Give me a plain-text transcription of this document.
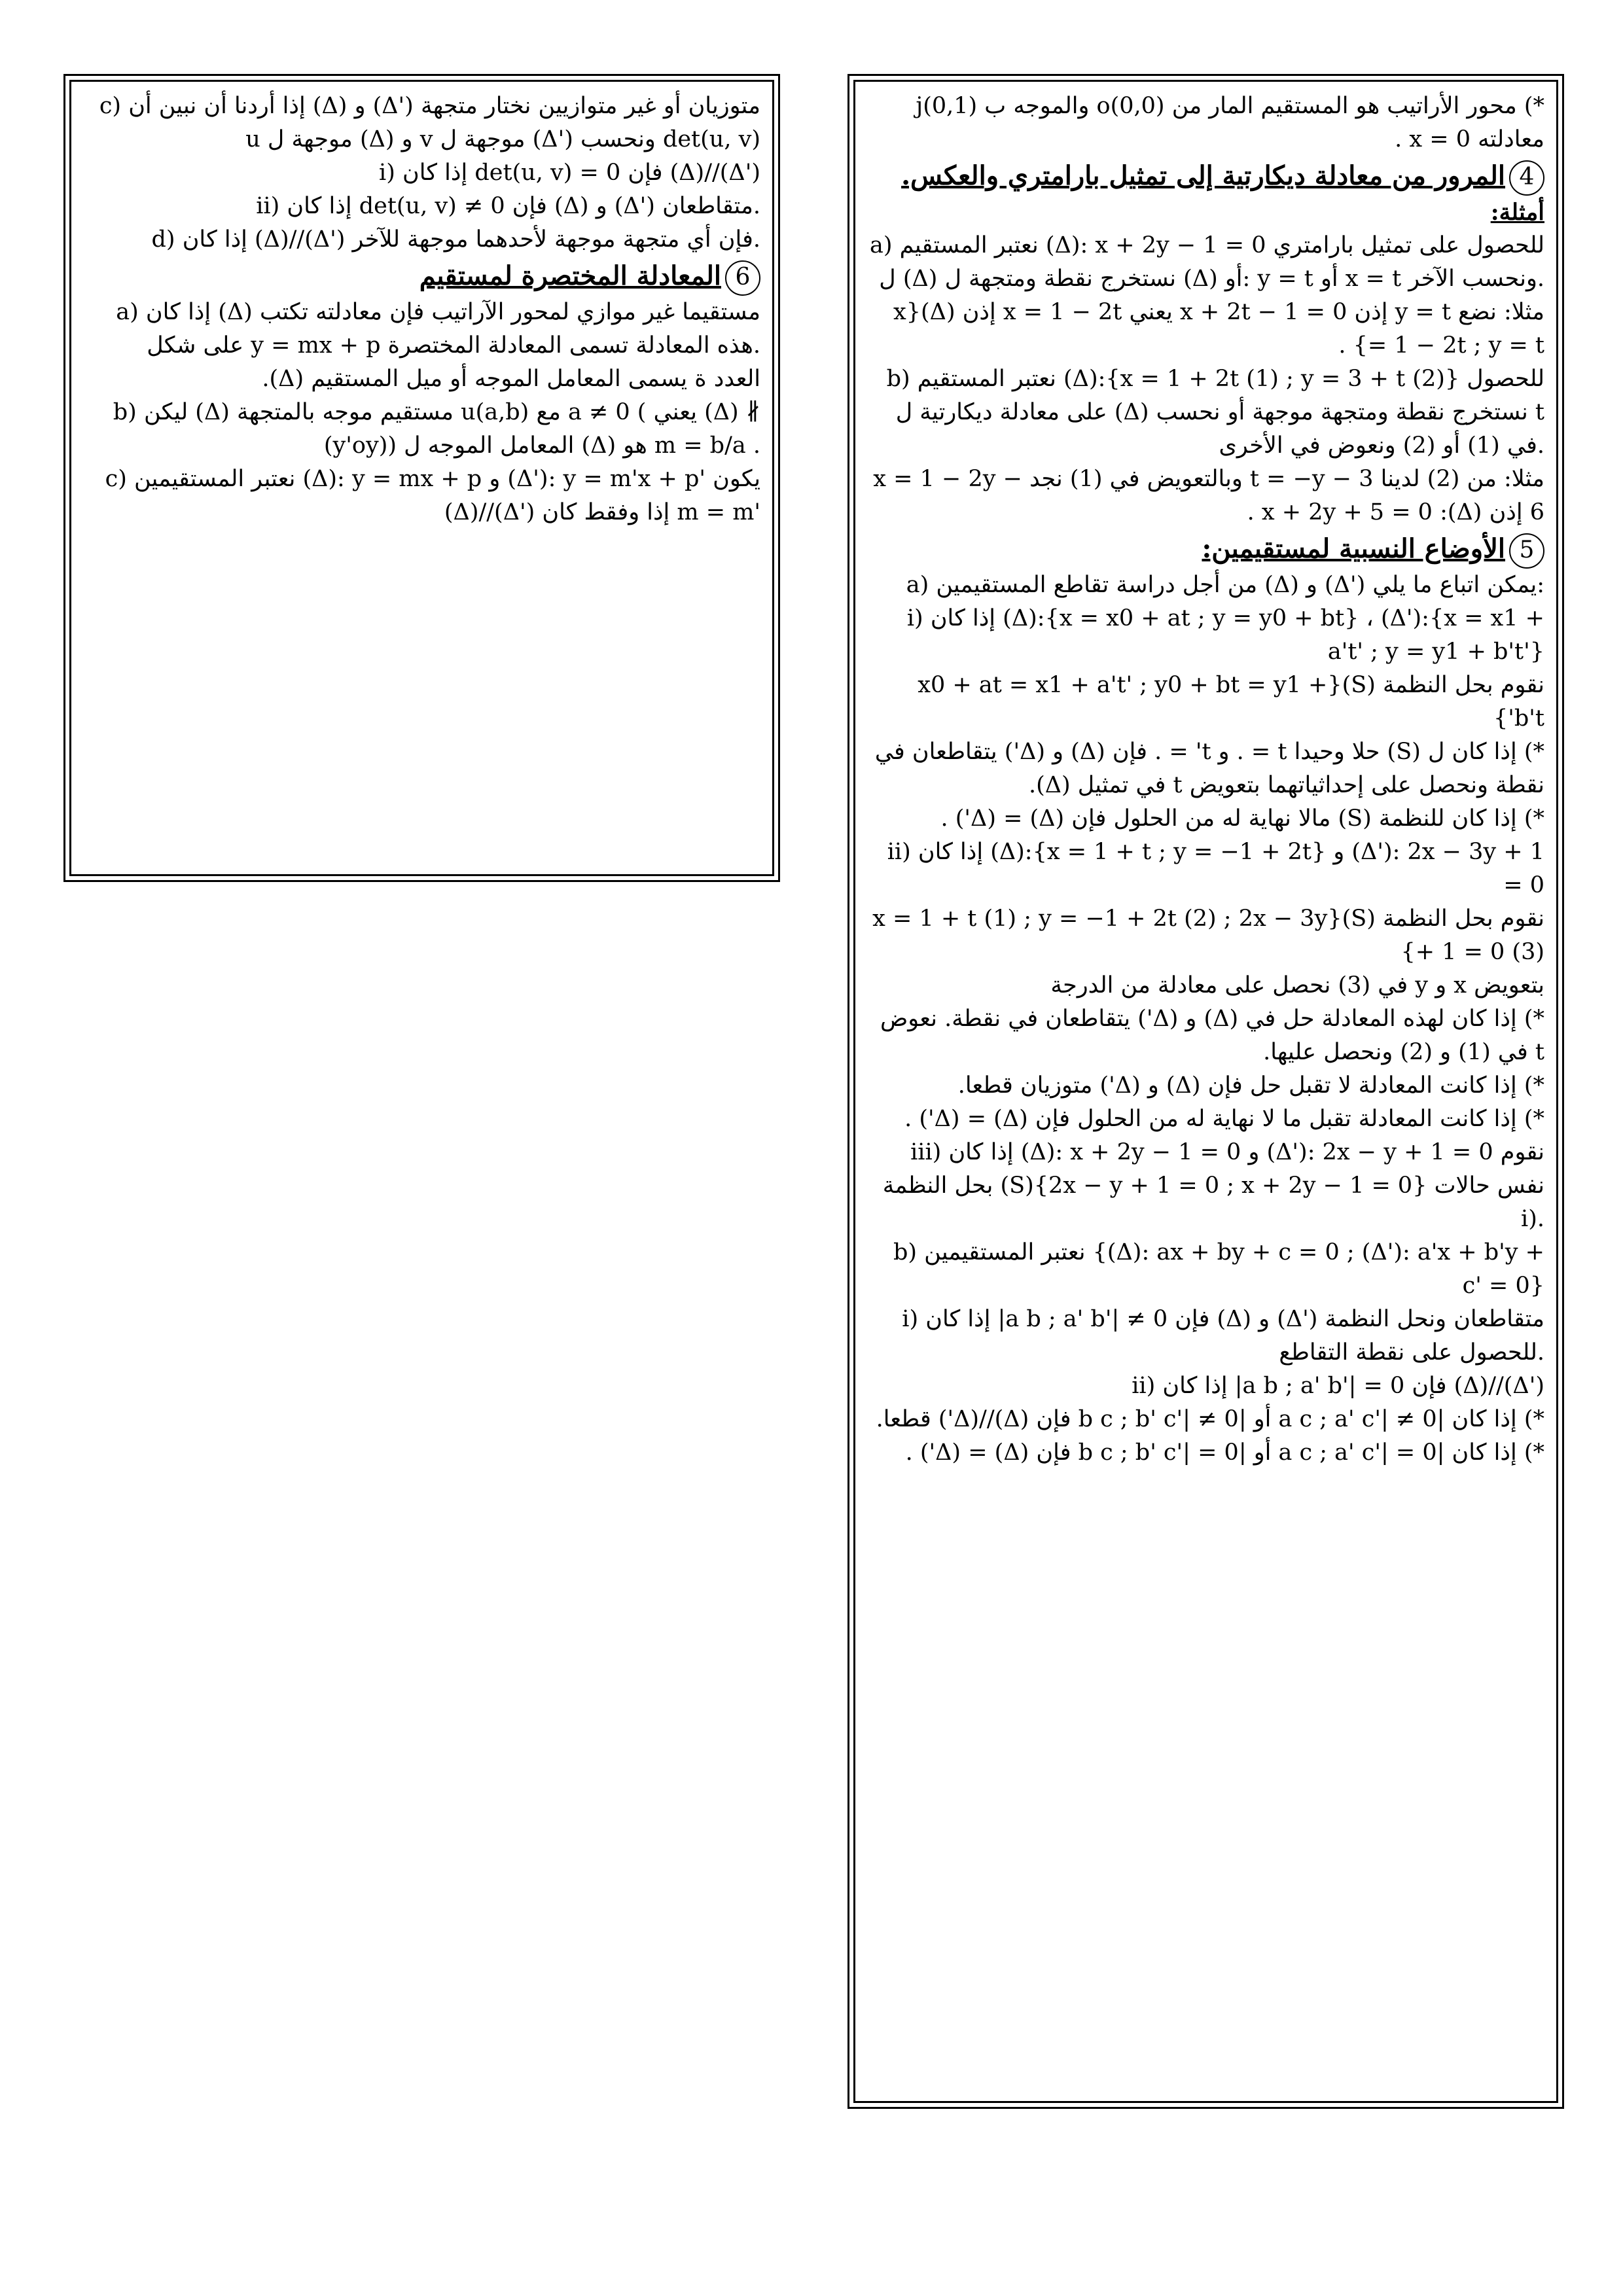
*) محور الأراتيب هو المستقيم المار من o(0,0) والموجه ب j(0,1) معادلته x = 0 .

4المرور من معادلة ديكارتية إلى تمثيل بارامتري والعكس.

أمثلة:

a) نعتبر المستقيم (Δ): x + 2y − 1 = 0 للحصول على تمثيل بارامتري ل (Δ) نستخرج نقطة ومتجهة ل (Δ) أو: y = t أو x = t ونحسب الآخر.

مثلا: نضع y = t إذن x + 2t − 1 = 0 يعني x = 1 − 2t إذن (Δ){x = 1 − 2t ; y = t} .

b) نعتبر المستقيم (Δ):{x = 1 + 2t (1) ; y = 3 + t (2)} للحصول على معادلة ديكارتية ل (Δ) نستخرج نقطة ومتجهة موجهة أو نحسب t في (1) أو (2) ونعوض في الأخرى.

مثلا: من (2) لدينا t = −y − 3 وبالتعويض في (1) نجد x = 1 − 2y − 6 إذن (Δ): x + 2y + 5 = 0 .

5الأوضاع النسبية لمستقيمين:

a) من أجل دراسة تقاطع المستقيمين (Δ) و (Δ') يمكن اتباع ما يلي:

i) إذا كان (Δ):{x = x0 + at ; y = y0 + bt} ، (Δ'):{x = x1 + a't' ; y = y1 + b't'}

نقوم بحل النظمة (S){x0 + at = x1 + a't' ; y0 + bt = y1 + b't'}

*) إذا كان ل (S) حلا وحيدا t = . و t' = . فإن (Δ) و (Δ') يتقاطعان في نقطة ونحصل على إحداثياتهما بتعويض t في تمثيل (Δ).

*) إذا كان للنظمة (S) مالا نهاية له من الحلول فإن (Δ) = (Δ') .

ii) إذا كان (Δ):{x = 1 + t ; y = −1 + 2t} و (Δ'): 2x − 3y + 1 = 0

نقوم بحل النظمة (S){x = 1 + t (1) ; y = −1 + 2t (2) ; 2x − 3y + 1 = 0 (3)}

بتعويض x و y في (3) نحصل على معادلة من الدرجة

*) إذا كان لهذه المعادلة حل في (Δ) و (Δ') يتقاطعان في نقطة. نعوض t في (1) و (2) ونحصل عليها.

*) إذا كانت المعادلة لا تقبل حل فإن (Δ) و (Δ') متوزيان قطعا.

*) إذا كانت المعادلة تقبل ما لا نهاية له من الحلول فإن (Δ) = (Δ') .

iii) إذا كان (Δ): x + 2y − 1 = 0 و (Δ'): 2x − y + 1 = 0 نقوم بحل النظمة (S){2x − y + 1 = 0 ; x + 2y − 1 = 0} نفس حالات i).

b) نعتبر المستقيمين {(Δ): ax + by + c = 0 ; (Δ'): a'x + b'y + c' = 0}

i) إذا كان |a b ; a' b'| ≠ 0 فإن (Δ) و (Δ') متقاطعان ونحل النظمة للحصول على نقطة التقاطع.

ii) إذا كان |a b ; a' b'| = 0 فإن (Δ)//(Δ')

*) إذا كان |a c ; a' c'| ≠ 0 أو |b c ; b' c'| ≠ 0 فإن (Δ)//(Δ') قطعا.

*) إذا كان |a c ; a' c'| = 0 أو |b c ; b' c'| = 0 فإن (Δ) = (Δ') .

c) إذا أردنا أن نبين أن (Δ) و (Δ') متوزيان أو غير متوازيين نختار متجهة u موجهة ل (Δ) و v موجهة ل (Δ') ونحسب det(u, v)

i) إذا كان det(u, v) = 0 فإن (Δ)//(Δ')

ii) إذا كان det(u, v) ≠ 0 فإن (Δ) و (Δ') متقاطعان.

d) إذا كان (Δ)//(Δ') فإن أي متجهة موجهة لأحدهما موجهة للآخر.

6المعادلة المختصرة لمستقيم

a) إذا كان (Δ) مستقيما غير موازي لمحور الآراتيب فإن معادلته تكتب على شكل y = mx + p هذه المعادلة تسمى المعادلة المختصرة.

العدد ة يسمى المعامل الموجه أو ميل المستقيم (Δ).

b) ليكن (Δ) مستقيم موجه بالمتجهة u(a,b) مع a ≠ 0 ( يعني (Δ) ∦ (y'oy)) المعامل الموجه ل (Δ) هو m = b/a .

c) نعتبر المستقيمين (Δ): y = mx + p و (Δ'): y = m'x + p' يكون (Δ)//(Δ') إذا وفقط كان m = m'
